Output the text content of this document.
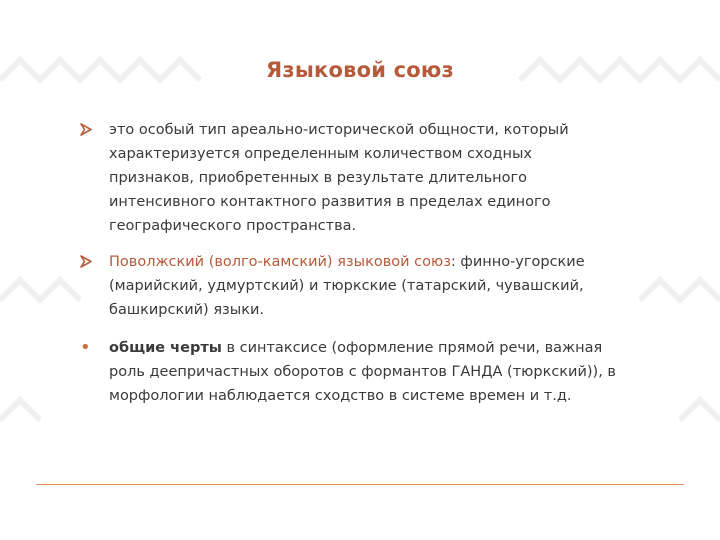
Языковой союз
это особый тип ареально-исторической общности, который характеризуется определенным количеством сходных признаков, приобретенных в результате длительного интенсивного контактного развития в пределах единого географического пространства.
Поволжский (волго-камский) языковой союз: финно-угорские (марийский, удмуртский) и тюркские (татарский, чувашский, башкирский) языки.
•	общие черты в синтаксисе (оформление прямой речи, важная роль деепричастных оборотов с формантов ГАНДА (тюркский)), в морфологии наблюдается сходство в системе времен и т.д.
